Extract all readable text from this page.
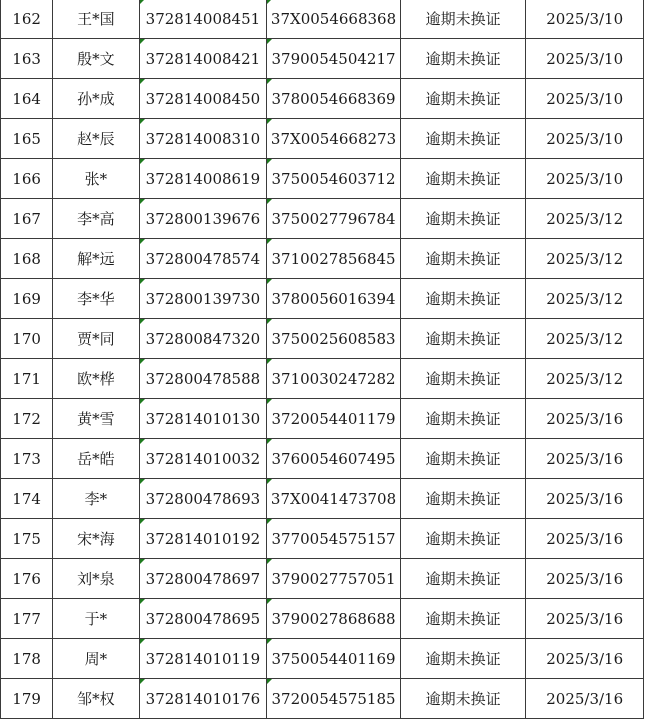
162	王*国	372814008451	37X0054668368	逾期未换证	2025/3/10
163	殷*文	372814008421	3790054504217	逾期未换证	2025/3/10
164	孙*成	372814008450	3780054668369	逾期未换证	2025/3/10
165	赵*辰	372814008310	37X0054668273	逾期未换证	2025/3/10
166	张*	372814008619	3750054603712	逾期未换证	2025/3/10
167	李*高	372800139676	3750027796784	逾期未换证	2025/3/12
168	解*远	372800478574	3710027856845	逾期未换证	2025/3/12
169	李*华	372800139730	3780056016394	逾期未换证	2025/3/12
170	贾*同	372800847320	3750025608583	逾期未换证	2025/3/12
171	欧*桦	372800478588	3710030247282	逾期未换证	2025/3/12
172	黄*雪	372814010130	3720054401179	逾期未换证	2025/3/16
173	岳*皓	372814010032	3760054607495	逾期未换证	2025/3/16
174	李*	372800478693	37X0041473708	逾期未换证	2025/3/16
175	宋*海	372814010192	3770054575157	逾期未换证	2025/3/16
176	刘*泉	372800478697	3790027757051	逾期未换证	2025/3/16
177	于*	372800478695	3790027868688	逾期未换证	2025/3/16
178	周*	372814010119	3750054401169	逾期未换证	2025/3/16
179	邹*权	372814010176	3720054575185	逾期未换证	2025/3/16
